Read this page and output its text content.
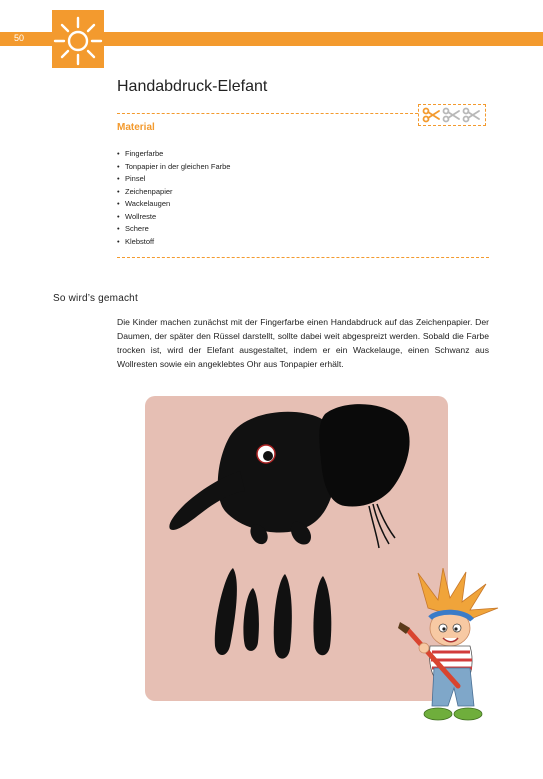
50
Handabdruck-Elefant
Material
• Fingerfarbe
• Tonpapier in der gleichen Farbe
• Pinsel
• Zeichenpapier
• Wackelaugen
• Wollreste
• Schere
• Klebstoff
So wird’s gemacht
Die Kinder machen zunächst mit der Fingerfarbe einen Handabdruck auf das Zeichenpapier. Der Daumen, der später den Rüssel darstellt, sollte dabei weit abgespreizt werden. Sobald die Farbe trocken ist, wird der Elefant ausgestaltet, indem er ein Wackelauge, einen Schwanz aus Wollresten sowie ein angeklebtes Ohr aus Tonpapier erhält.
